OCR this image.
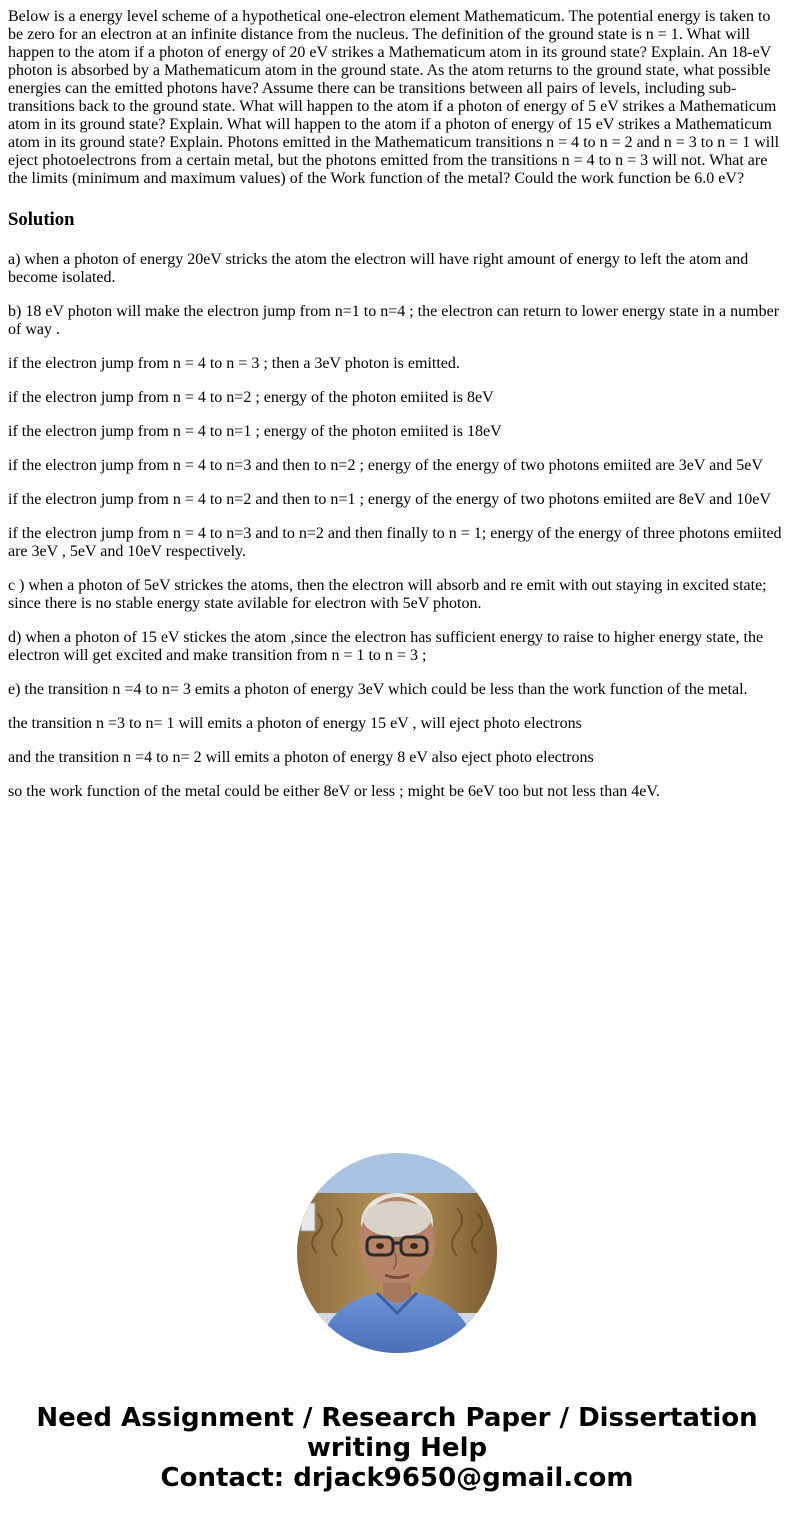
Below is a energy level scheme of a hypothetical one-electron element Mathematicum. The potential energy is taken to be zero for an electron at an infinite distance from the nucleus. The definition of the ground state is n = 1. What will happen to the atom if a photon of energy of 20 eV strikes a Mathematicum atom in its ground state? Explain. An 18-eV photon is absorbed by a Mathematicum atom in the ground state. As the atom returns to the ground state, what possible energies can the emitted photons have? Assume there can be transitions between all pairs of levels, including sub-transitions back to the ground state. What will happen to the atom if a photon of energy of 5 eV strikes a Mathematicum atom in its ground state? Explain. What will happen to the atom if a photon of energy of 15 eV strikes a Mathematicum atom in its ground state? Explain. Photons emitted in the Mathematicum transitions n = 4 to n = 2 and n = 3 to n = 1 will eject photoelectrons from a certain metal, but the photons emitted from the transitions n = 4 to n = 3 will not. What are the limits (minimum and maximum values) of the Work function of the metal? Could the work function be 6.0 eV?

Solution

a) when a photon of energy 20eV stricks the atom the electron will have right amount of energy to left the atom and become isolated.

b) 18 eV photon will make the electron jump from n=1 to n=4 ; the electron can return to lower energy state in a number of way .

if the electron jump from n = 4 to n = 3 ; then a 3eV photon is emitted.

if the electron jump from n = 4 to n=2 ; energy of the photon emiited is 8eV

if the electron jump from n = 4 to n=1 ; energy of the photon emiited is 18eV

if the electron jump from n = 4 to n=3 and then to n=2 ; energy of the energy of two photons emiited are 3eV and 5eV

if the electron jump from n = 4 to n=2 and then to n=1 ; energy of the energy of two photons emiited are 8eV and 10eV

if the electron jump from n = 4 to n=3 and to n=2 and then finally to n = 1; energy of the energy of three photons emiited are 3eV , 5eV and 10eV respectively.

c ) when a photon of 5eV strickes the atoms, then the electron will absorb and re emit with out staying in excited state; since there is no stable energy state avilable for electron with 5eV photon.

d) when a photon of 15 eV stickes the atom ,since the electron has sufficient energy to raise to higher energy state, the electron will get excited and make transition from n = 1 to n = 3 ;

e) the transition n =4 to n= 3 emits a photon of energy 3eV which could be less than the work function of the metal.

the transition n =3 to n= 1 will emits a photon of energy 15 eV , will eject photo electrons

and the transition n =4 to n= 2 will emits a photon of energy 8 eV also eject photo electrons

so the work function of the metal could be either 8eV or less ; might be 6eV too but not less than 4eV.

Need Assignment / Research Paper / Dissertation
writing Help
Contact: drjack9650@gmail.com
